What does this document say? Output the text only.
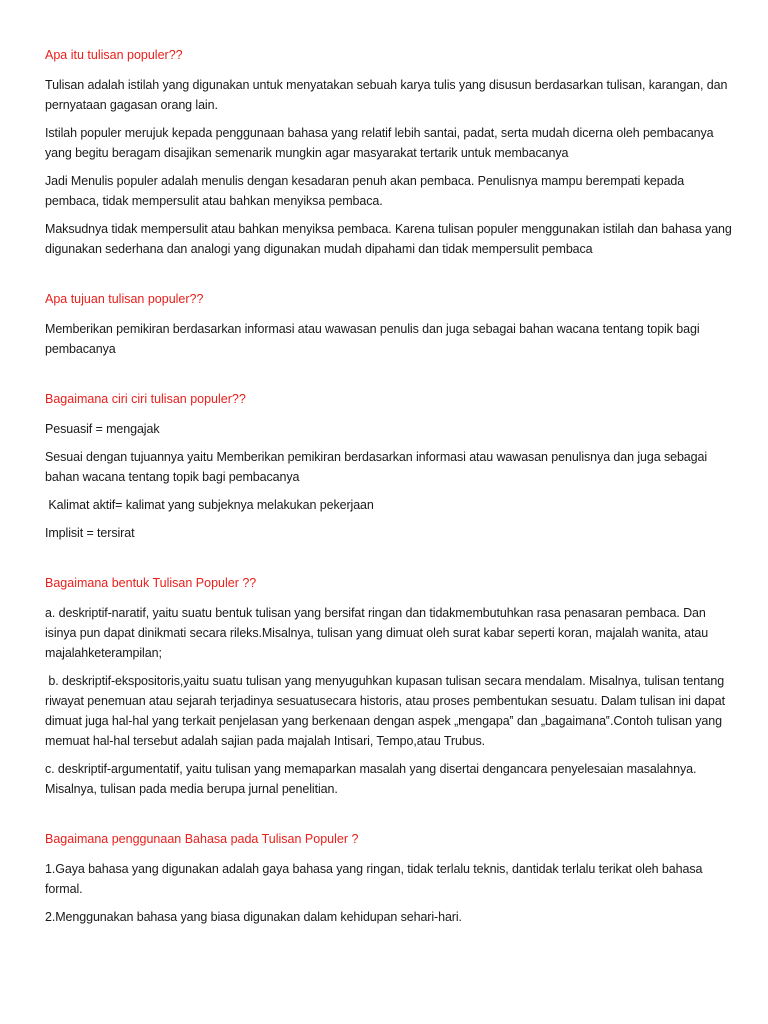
Apa itu tulisan populer??

Tulisan adalah istilah yang digunakan untuk menyatakan sebuah karya tulis yang disusun berdasarkan tulisan, karangan, dan pernyataan gagasan orang lain.

Istilah populer merujuk kepada penggunaan bahasa yang relatif lebih santai, padat, serta mudah dicerna oleh pembacanya yang begitu beragam disajikan semenarik mungkin agar masyarakat tertarik untuk membacanya

Jadi Menulis populer adalah menulis dengan kesadaran penuh akan pembaca. Penulisnya mampu berempati kepada pembaca, tidak mempersulit atau bahkan menyiksa pembaca.

Maksudnya tidak mempersulit atau bahkan menyiksa pembaca. Karena tulisan populer menggunakan istilah dan bahasa yang digunakan sederhana dan analogi yang digunakan mudah dipahami dan tidak mempersulit pembaca

Apa tujuan tulisan populer??

Memberikan pemikiran berdasarkan informasi atau wawasan penulis dan juga sebagai bahan wacana tentang topik bagi pembacanya

Bagaimana ciri ciri tulisan populer??

Pesuasif = mengajak

Sesuai dengan tujuannya yaitu Memberikan pemikiran berdasarkan informasi atau wawasan penulisnya dan juga sebagai bahan wacana tentang topik bagi pembacanya

Kalimat aktif= kalimat yang subjeknya melakukan pekerjaan

Implisit = tersirat

Bagaimana bentuk Tulisan Populer ??

a. deskriptif-naratif, yaitu suatu bentuk tulisan yang bersifat ringan dan tidakmembutuhkan rasa penasaran pembaca. Dan isinya pun dapat dinikmati secara rileks.Misalnya, tulisan yang dimuat oleh surat kabar seperti koran, majalah wanita, atau majalahketerampilan;

b. deskriptif-ekspositoris,yaitu suatu tulisan yang menyuguhkan kupasan tulisan secara mendalam. Misalnya, tulisan tentang riwayat penemuan atau sejarah terjadinya sesuatusecara historis, atau proses pembentukan sesuatu. Dalam tulisan ini dapat dimuat juga hal-hal yang terkait penjelasan yang berkenaan dengan aspek „mengapa‟ dan „bagaimana‟.Contoh tulisan yang memuat hal-hal tersebut adalah sajian pada majalah Intisari, Tempo,atau Trubus.

c. deskriptif-argumentatif, yaitu tulisan yang memaparkan masalah yang disertai dengancara penyelesaian masalahnya. Misalnya, tulisan pada media berupa jurnal penelitian.

Bagaimana penggunaan Bahasa pada Tulisan Populer ?

1.Gaya bahasa yang digunakan adalah gaya bahasa yang ringan, tidak terlalu teknis, dantidak terlalu terikat oleh bahasa formal.

2.Menggunakan bahasa yang biasa digunakan dalam kehidupan sehari-hari.
